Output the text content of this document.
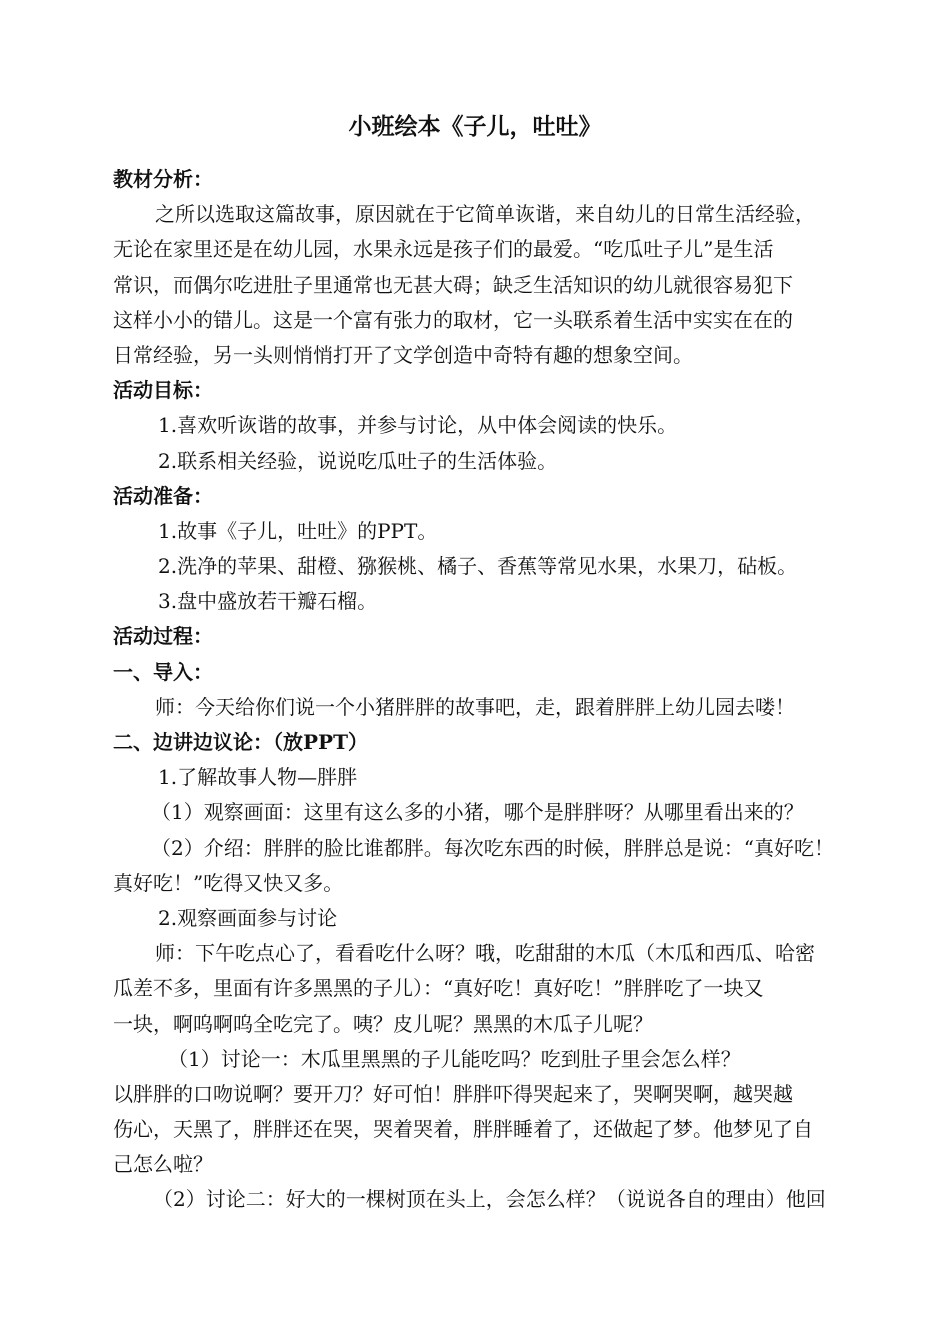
小班绘本《子儿，吐吐》
教材分析：
之所以选取这篇故事，原因就在于它简单诙谐，来自幼儿的日常生活经验，
无论在家里还是在幼儿园，水果永远是孩子们的最爱。“吃瓜吐子儿”是生活
常识，而偶尔吃进肚子里通常也无甚大碍；缺乏生活知识的幼儿就很容易犯下
这样小小的错儿。这是一个富有张力的取材，它一头联系着生活中实实在在的
日常经验，另一头则悄悄打开了文学创造中奇特有趣的想象空间。
活动目标：
1.喜欢听诙谐的故事，并参与讨论，从中体会阅读的快乐。
2.联系相关经验，说说吃瓜吐子的生活体验。
活动准备：
1.故事《子儿，吐吐》的PPT。
2.洗净的苹果、甜橙、猕猴桃、橘子、香蕉等常见水果，水果刀，砧板。
3.盘中盛放若干瓣石榴。
活动过程：
一、导入：
师：今天给你们说一个小猪胖胖的故事吧，走，跟着胖胖上幼儿园去喽！
二、边讲边议论：（放PPT）
1.了解故事人物—胖胖
（1）观察画面：这里有这么多的小猪，哪个是胖胖呀？从哪里看出来的？
（2）介绍：胖胖的脸比谁都胖。每次吃东西的时候，胖胖总是说：“真好吃！
真好吃！”吃得又快又多。
2.观察画面参与讨论
师：下午吃点心了，看看吃什么呀？哦，吃甜甜的木瓜（木瓜和西瓜、哈密
瓜差不多，里面有许多黑黑的子儿）：“真好吃！真好吃！”胖胖吃了一块又
一块，啊呜啊呜全吃完了。咦？皮儿呢？黑黑的木瓜子儿呢？
（1）讨论一：木瓜里黑黑的子儿能吃吗？吃到肚子里会怎么样？
以胖胖的口吻说啊？要开刀？好可怕！胖胖吓得哭起来了，哭啊哭啊，越哭越
伤心，天黑了，胖胖还在哭，哭着哭着，胖胖睡着了，还做起了梦。他梦见了自
己怎么啦？
（2）讨论二：好大的一棵树顶在头上，会怎么样？（说说各自的理由）他回
